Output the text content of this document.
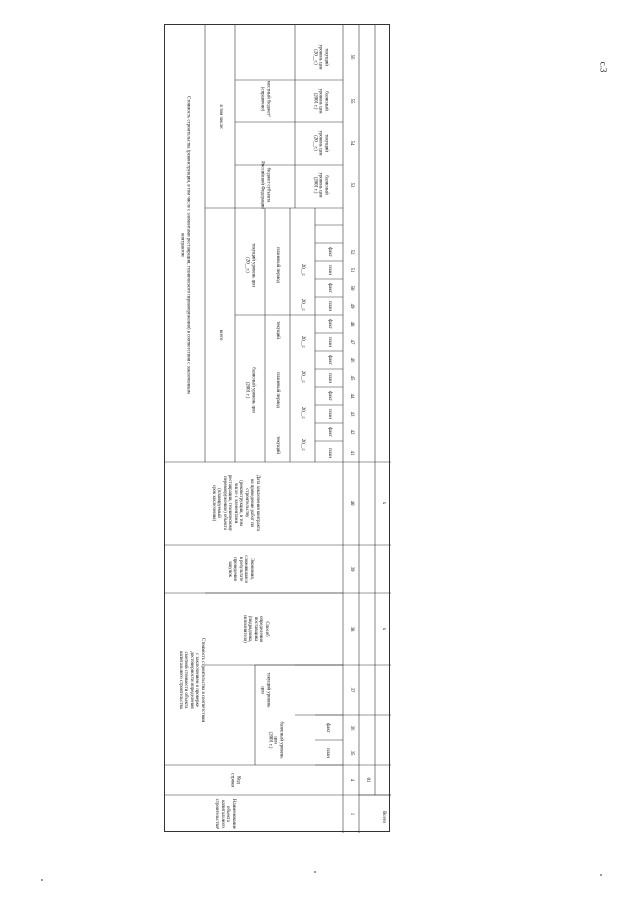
с.3
Наименование
объекта
капитального
строительства³
Код
строки
Стоимость строительства в соответствии
с заключением о проверке
достоверности определения
сметной стоимости объекта
капитального строительства
базисный уровень
цен
(2001 г.)
текущий уровень
цен
план
факт
Способ
определения
поставщика
(подрядчика,
исполнителя)
Экономия,
сложившаяся
в результате
проведения
закупок
Дата заключения контракта
на проведение работ по
строительству
(реконструкции, в том
числе с элементами
реставрации, техническому
перевооружению) объекта
(планируемый
срок заключения)
Стоимость строительства (реконструкции, в том числе с элементами реставрации, технического перевооружения) в соответствии с заключенным
контрактом
всего
в том числе:
базисный уровень цен
(2001 г.)
текущий уровень цен
(20__г.)
текущий
плановый период
текущий
плановый период
20__г.
20__г.
20__г.
20__г.
20__г.
20__г.
бюджет субъекта
Российской Федерации
местный бюджет⁷
(справочно)
базисный
уровень цен
(2001 г.)
текущий
уровень цен
(20__г.)
базисный
уровень цен
(2001 г.)
текущий
уровень цен
(20__г.)
план
факт
план
факт
план
факт
план
факт
план
факт
план
факт
1
4
35
36
37
38
39
40
41
42
43
44
45
46
47
48
49
50
51
52
53
54
55
56
01
х
х
Всего
